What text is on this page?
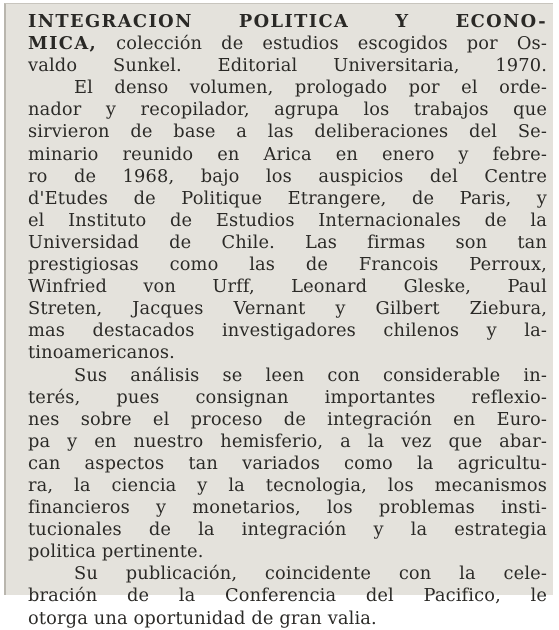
INTEGRACION POLITICA Y ECONO-
MICA, colección de estudios escogidos por Os-
valdo Sunkel. Editorial Universitaria, 1970.
El denso volumen, prologado por el orde-
nador y recopilador, agrupa los trabajos que
sirvieron de base a las deliberaciones del Se-
minario reunido en Arica en enero y febre-
ro de 1968, bajo los auspicios del Centre
d'Etudes de Politique Etrangere, de Paris, y
el Instituto de Estudios Internacionales de la
Universidad de Chile. Las firmas son tan
prestigiosas como las de Francois Perroux,
Winfried von Urff, Leonard Gleske, Paul
Streten, Jacques Vernant y Gilbert Ziebura,
mas destacados investigadores chilenos y la-
tinoamericanos.
Sus análisis se leen con considerable in-
terés, pues consignan importantes reflexio-
nes sobre el proceso de integración en Euro-
pa y en nuestro hemisferio, a la vez que abar-
can aspectos tan variados como la agricultu-
ra, la ciencia y la tecnologia, los mecanismos
financieros y monetarios, los problemas insti-
tucionales de la integración y la estrategia
politica pertinente.
Su publicación, coincidente con la cele-
bración de la Conferencia del Pacifico, le
otorga una oportunidad de gran valia.
